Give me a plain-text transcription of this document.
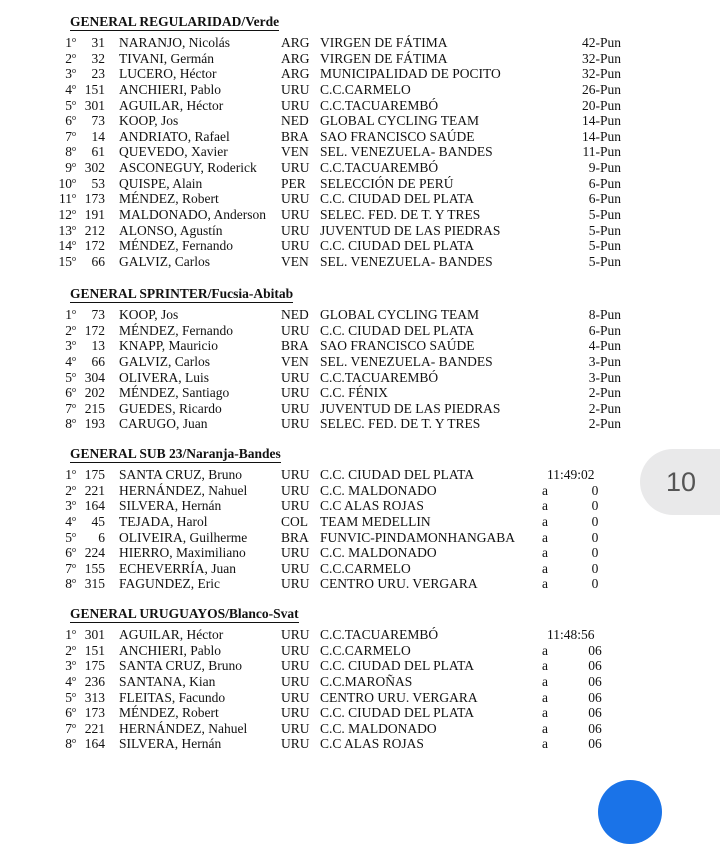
GENERAL REGULARIDAD/Verde
1$^o$	31 NARANJO, Nicolás	ARG VIRGEN DE FÁTIMA	42-Pun
2$^o$	32 TIVANI, Germán	ARG VIRGEN DE FÁTIMA	32-Pun
3$^o$	23 LUCERO, Héctor	ARG MUNICIPALIDAD DE POCITO	32-Pun
4$^o$ 151 ANCHIERI, Pablo	URU C.C.CARMELO	26-Pun
5$^o$ 301 AGUILAR, Héctor	URU C.C.TACUAREMBÓ	20-Pun
6$^o$	73 KOOP, Jos	NED GLOBAL CYCLING TEAM	14-Pun
7$^o$	14 ANDRIATO, Rafael	BRA SAO FRANCISCO SAÚDE	14-Pun
8$^o$	61 QUEVEDO, Xavier	VEN SEL. VENEZUELA- BANDES	11-Pun
9$^o$ 302 ASCONEGUY, Roderick URU C.C.TACUAREMBÓ	9-Pun
10$^o$	53 QUISPE, Alain	PER SELECCIÓN DE PERÚ	6-Pun
11$^o$ 173 MÉNDEZ, Robert	URU C.C. CIUDAD DEL PLATA	6-Pun
12$^o$ 191 MALDONADO, Anderson URU SELEC. FED. DE T. Y TRES	5-Pun
13$^o$ 212 ALONSO, Agustín	URU JUVENTUD DE LAS PIEDRAS	5-Pun
14$^o$ 172 MÉNDEZ, Fernando	URU C.C. CIUDAD DEL PLATA	5-Pun
15$^o$	66 GALVIZ, Carlos	VEN SEL. VENEZUELA- BANDES	5-Pun
GENERAL SPRINTER/Fucsia-Abitab
1$^o$	73 KOOP, Jos	NED GLOBAL CYCLING TEAM	8-Pun
2$^o$ 172 MÉNDEZ, Fernando	URU C.C. CIUDAD DEL PLATA	6-Pun
3$^o$	13 KNAPP, Mauricio	BRA SAO FRANCISCO SAÚDE	4-Pun
4$^o$	66 GALVIZ, Carlos	VEN SEL. VENEZUELA- BANDES	3-Pun
5$^o$ 304 OLIVERA, Luis	URU C.C.TACUAREMBÓ	3-Pun
6$^o$ 202 MÉNDEZ, Santiago	URU C.C. FÉNIX	2-Pun
7$^o$ 215 GUEDES, Ricardo	URU JUVENTUD DE LAS PIEDRAS	2-Pun
8$^o$ 193 CARUGO, Juan	URU SELEC. FED. DE T. Y TRES	2-Pun
GENERAL SUB 23/Naranja-Bandes
1$^o$ 175 SANTA CRUZ, Bruno	URU C.C. CIUDAD DEL PLATA	11:49:02
2$^o$ 221 HERNÁNDEZ, Nahuel	URU C.C. MALDONADO	a	0
3$^o$ 164 SILVERA, Hernán	URU C.C ALAS ROJAS	a	0
4$^o$	45 TEJADA, Harol	COL TEAM MEDELLIN	a	0
5$^o$	6 OLIVEIRA, Guilherme	BRA FUNVIC-PINDAMONHANGABA a	0
6$^o$ 224 HIERRO, Maximiliano	URU C.C. MALDONADO	a	0
7$^o$ 155 ECHEVERRÍA, Juan	URU C.C.CARMELO	a	0
8$^o$ 315 FAGUNDEZ, Eric	URU CENTRO URU. VERGARA	a	0
GENERAL URUGUAYOS/Blanco-Svat
1$^o$ 301 AGUILAR, Héctor	URU C.C.TACUAREMBÓ	11:48:56
2$^o$ 151 ANCHIERI, Pablo	URU C.C.CARMELO	a	06
3$^o$ 175 SANTA CRUZ, Bruno	URU C.C. CIUDAD DEL PLATA	a	06
4$^o$ 236 SANTANA, Kian	URU C.C.MAROÑAS	a	06
5$^o$ 313 FLEITAS, Facundo	URU CENTRO URU. VERGARA	a	06
6$^o$ 173 MÉNDEZ, Robert	URU C.C. CIUDAD DEL PLATA	a	06
7$^o$ 221 HERNÁNDEZ, Nahuel	URU C.C. MALDONADO	a	06
8$^o$ 164 SILVERA, Hernán	URU C.C ALAS ROJAS	a	06
10
